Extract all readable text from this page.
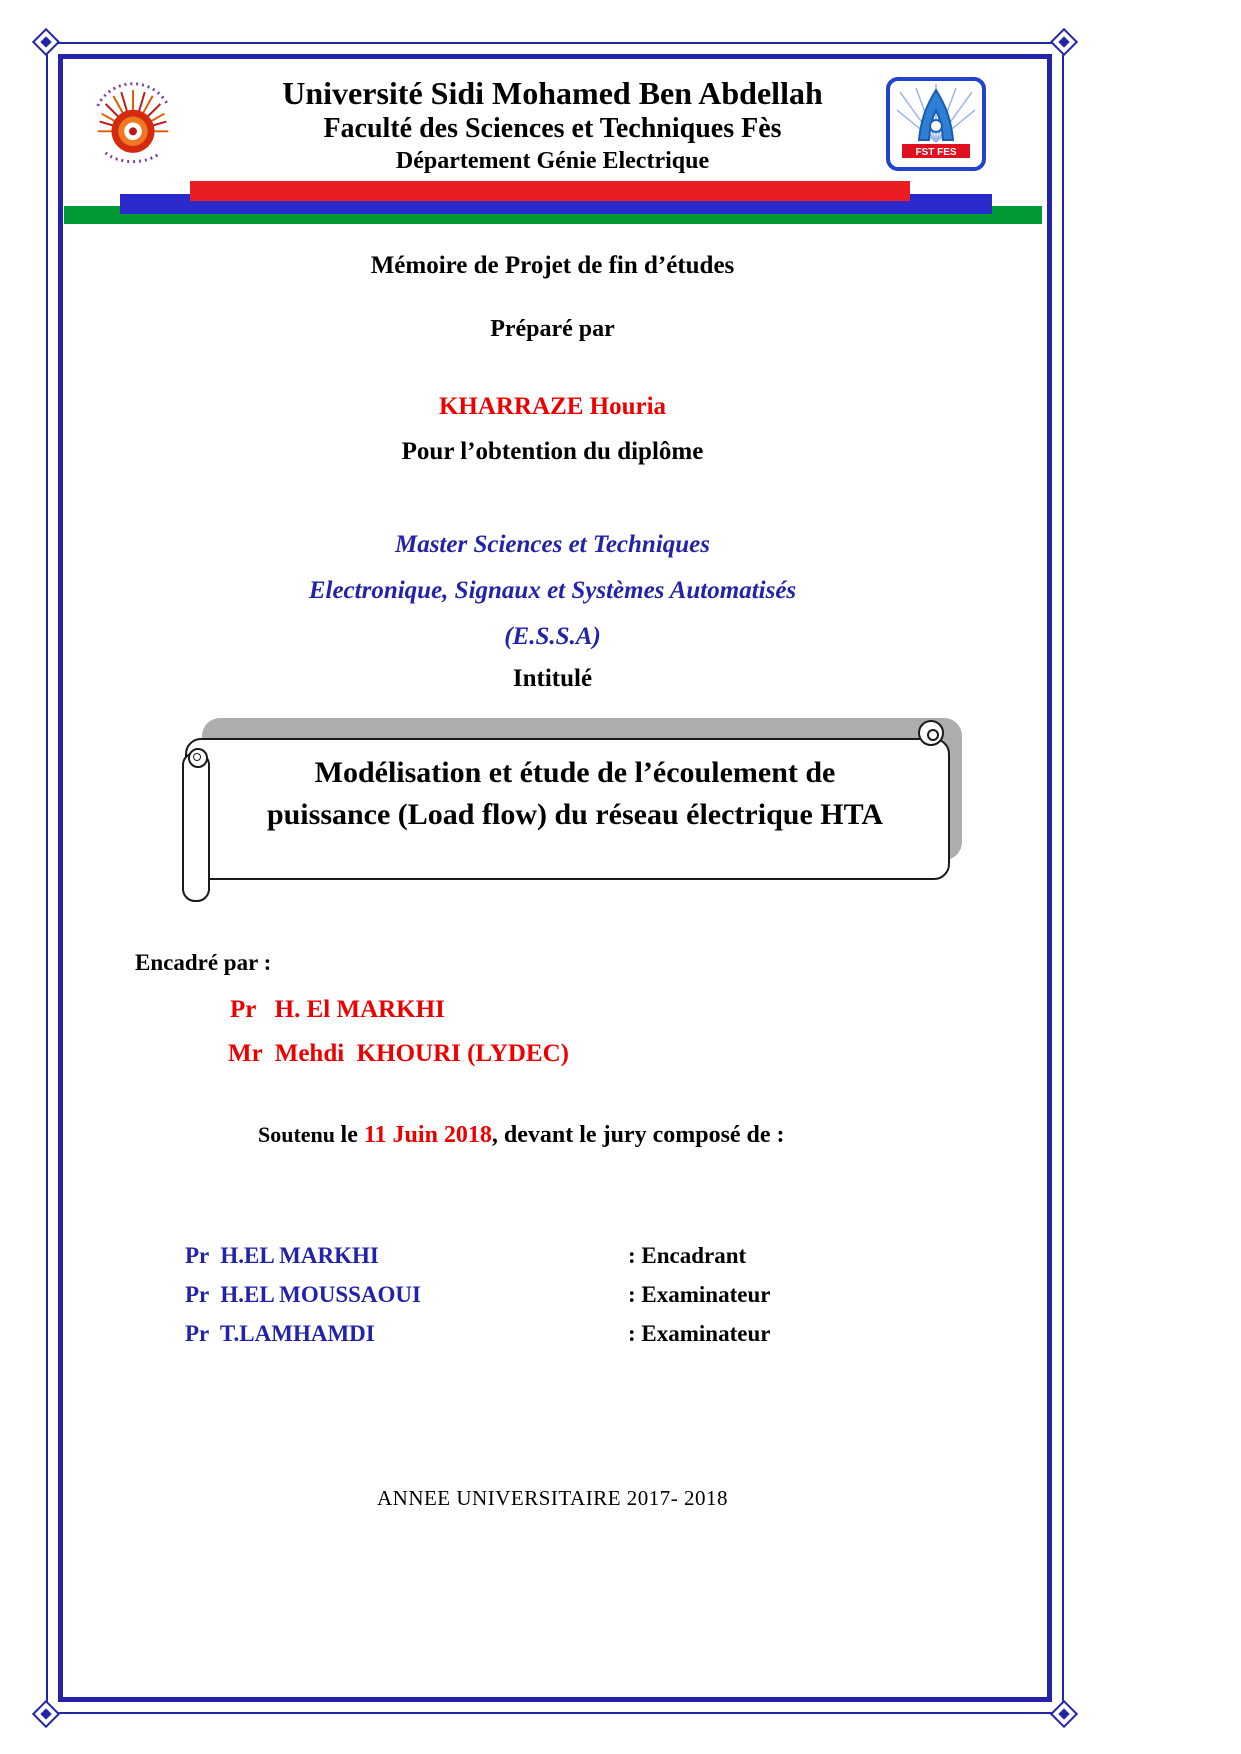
FST FES
Université Sidi Mohamed Ben Abdellah
Faculté des Sciences et Techniques Fès
Département Génie Electrique
Mémoire de Projet de fin d’études
Préparé par
KHARRAZE Houria
Pour l’obtention du diplôme
Master Sciences et Techniques
Electronique, Signaux et Systèmes Automatisés
(E.S.S.A)
Intitulé
Modélisation et étude de l’écoulement de
puissance (Load flow) du réseau électrique HTA
Encadré par :
Pr   H. El MARKHI
Mr  Mehdi  KHOURI (LYDEC)
Soutenu le 11 Juin 2018, devant le jury composé de :
Pr  H.EL MARKHI	: Encadrant
Pr  H.EL MOUSSAOUI	: Examinateur
Pr  T.LAMHAMDI	: Examinateur
ANNEE UNIVERSITAIRE 2017- 2018
